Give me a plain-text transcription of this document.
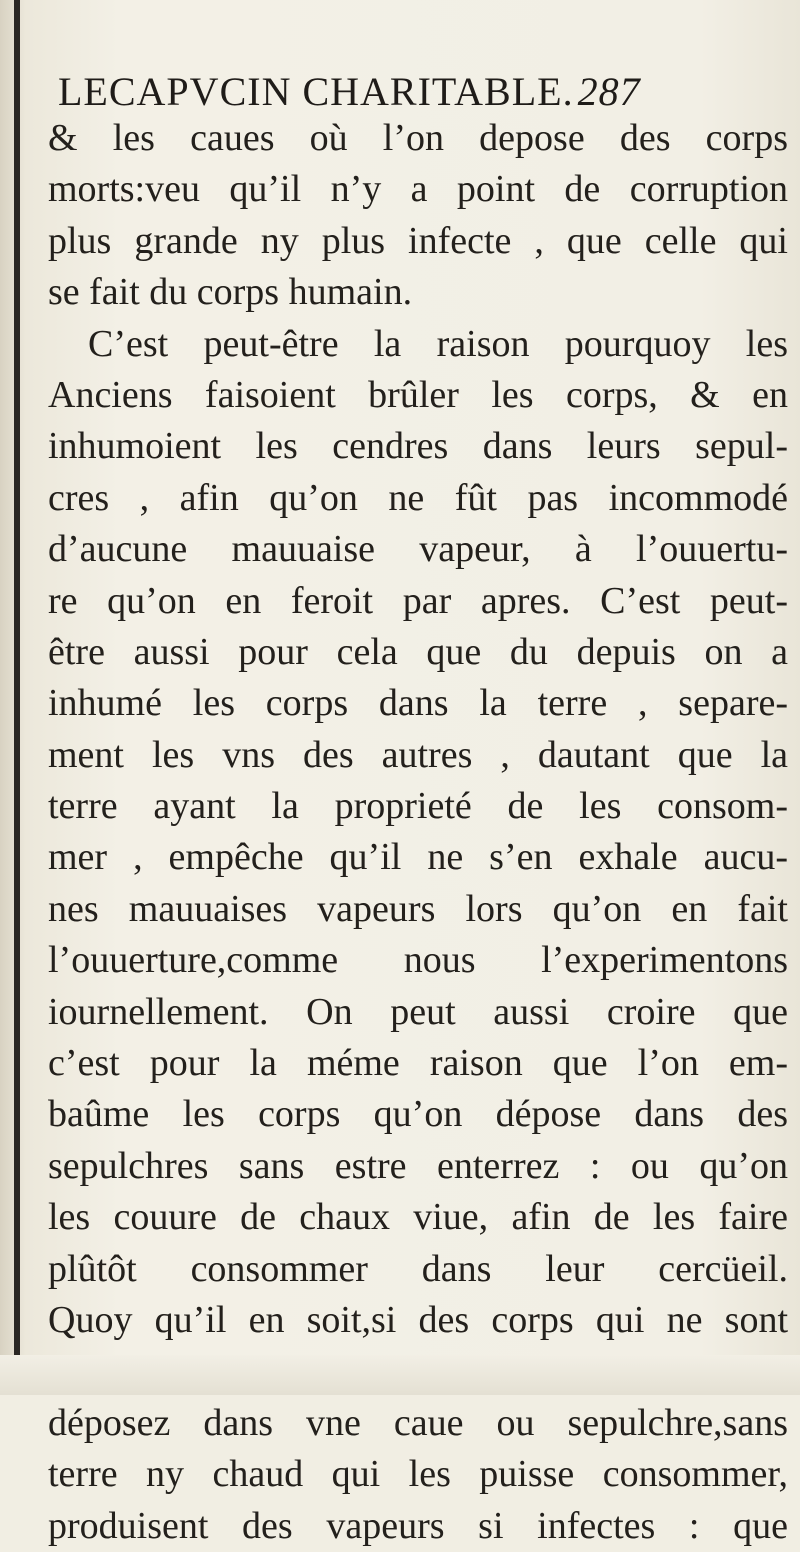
LECAPVCIN CHARITABLE. 287
& les caues où l’on depose des corps
morts:veu qu’il n’y a point de corruption
plus grande ny plus infecte , que celle qui
se fait du corps humain.
C’est peut-être la raison pourquoy les
Anciens faisoient brûler les corps, & en
inhumoient les cendres dans leurs sepul-
cres , afin qu’on ne fût pas incommodé
d’aucune mauuaise vapeur, à l’ouuertu-
re qu’on en feroit par apres. C’est peut-
être aussi pour cela que du depuis on a
inhumé les corps dans la terre , separe-
ment les vns des autres , dautant que la
terre ayant la proprieté de les consom-
mer , empêche qu’il ne s’en exhale aucu-
nes mauuaises vapeurs lors qu’on en fait
l’ouuerture,comme nous l’experimentons
iournellement. On peut aussi croire que
c’est pour la méme raison que l’on em-
baûme les corps qu’on dépose dans des
sepulchres sans estre enterrez : ou qu’on
les couure de chaux viue, afin de les faire
plûtôt consommer dans leur cercüeil.
Quoy qu’il en soit,si des corps qui ne sont
déposez dans vne caue ou sepulchre,sans
terre ny chaud qui les puisse consommer,
produisent des vapeurs si infectes : que
